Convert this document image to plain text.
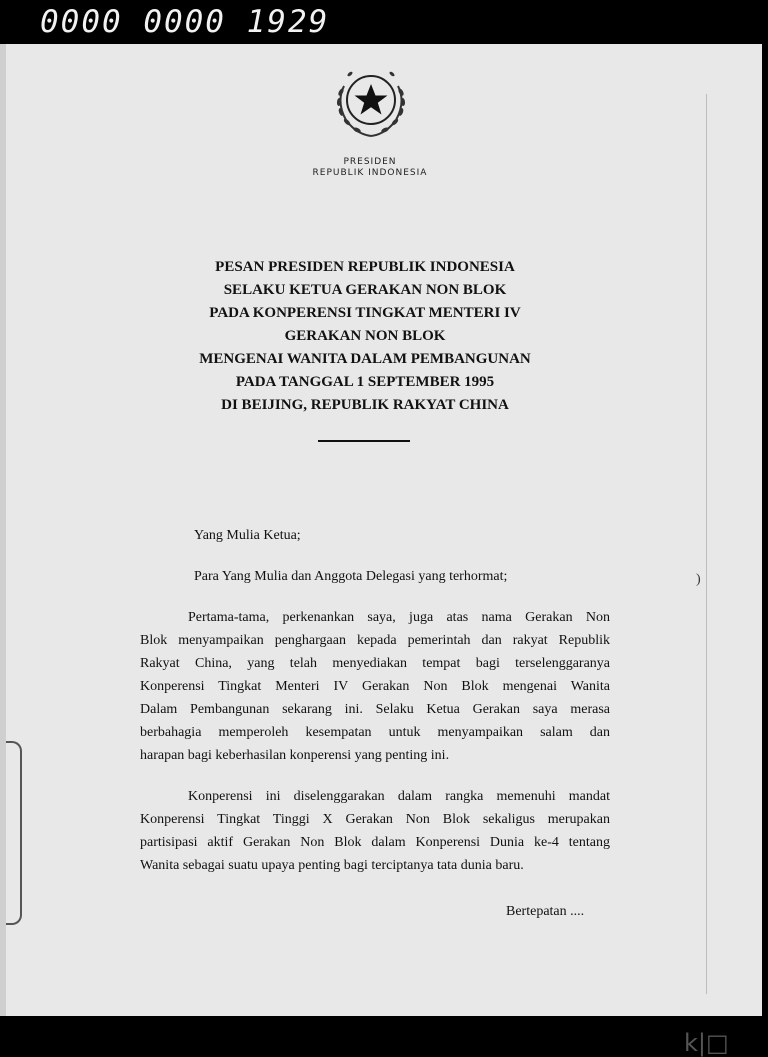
0000 0000 1929
)
k|□
PRESIDEN
REPUBLIK INDONESIA
PESAN PRESIDEN REPUBLIK INDONESIA
SELAKU KETUA GERAKAN NON BLOK
PADA KONPERENSI TINGKAT MENTERI IV
GERAKAN NON BLOK
MENGENAI WANITA DALAM PEMBANGUNAN
PADA TANGGAL 1 SEPTEMBER 1995
DI BEIJING, REPUBLIK RAKYAT CHINA
Yang Mulia Ketua;
Para Yang Mulia dan Anggota Delegasi yang terhormat;
Pertama-tama, perkenankan saya, juga atas nama Gerakan Non
Blok menyampaikan penghargaan kepada pemerintah dan rakyat Republik
Rakyat China, yang telah menyediakan tempat bagi terselenggaranya
Konperensi Tingkat Menteri IV Gerakan Non Blok mengenai Wanita
Dalam Pembangunan sekarang ini. Selaku Ketua Gerakan saya merasa
berbahagia memperoleh kesempatan untuk menyampaikan salam dan
harapan bagi keberhasilan konperensi yang penting ini.
Konperensi ini diselenggarakan dalam rangka memenuhi mandat
Konperensi Tingkat Tinggi X Gerakan Non Blok sekaligus merupakan
partisipasi aktif Gerakan Non Blok dalam Konperensi Dunia ke-4 tentang
Wanita sebagai suatu upaya penting bagi terciptanya tata dunia baru.
Bertepatan ....
